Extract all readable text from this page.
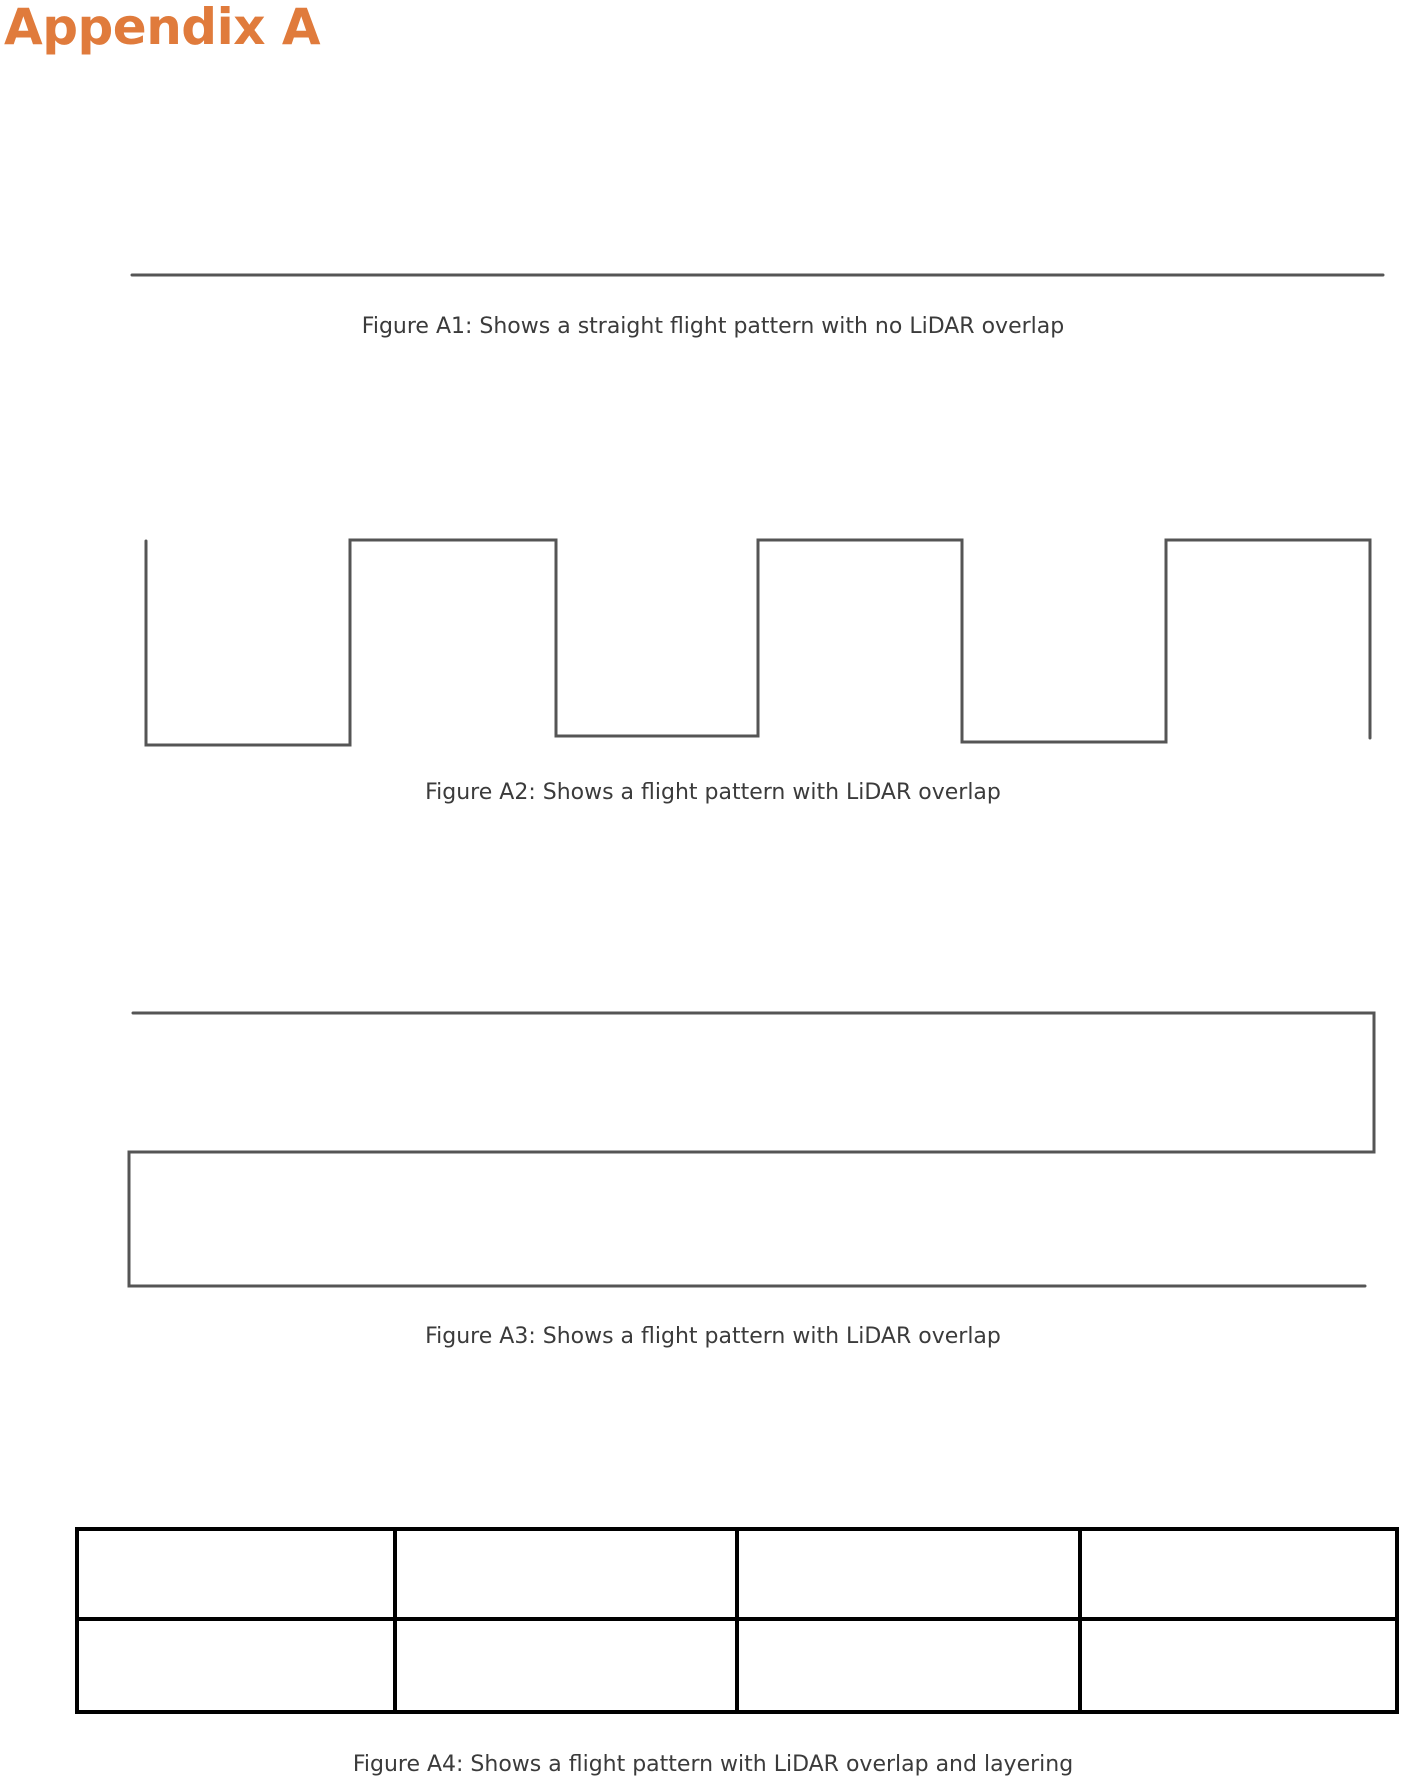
Appendix A

Figure A1: Shows a straight flight pattern with no LiDAR overlap

Figure A2: Shows a flight pattern with LiDAR overlap

Figure A3: Shows a flight pattern with LiDAR overlap

Figure A4: Shows a flight pattern with LiDAR overlap and layering
